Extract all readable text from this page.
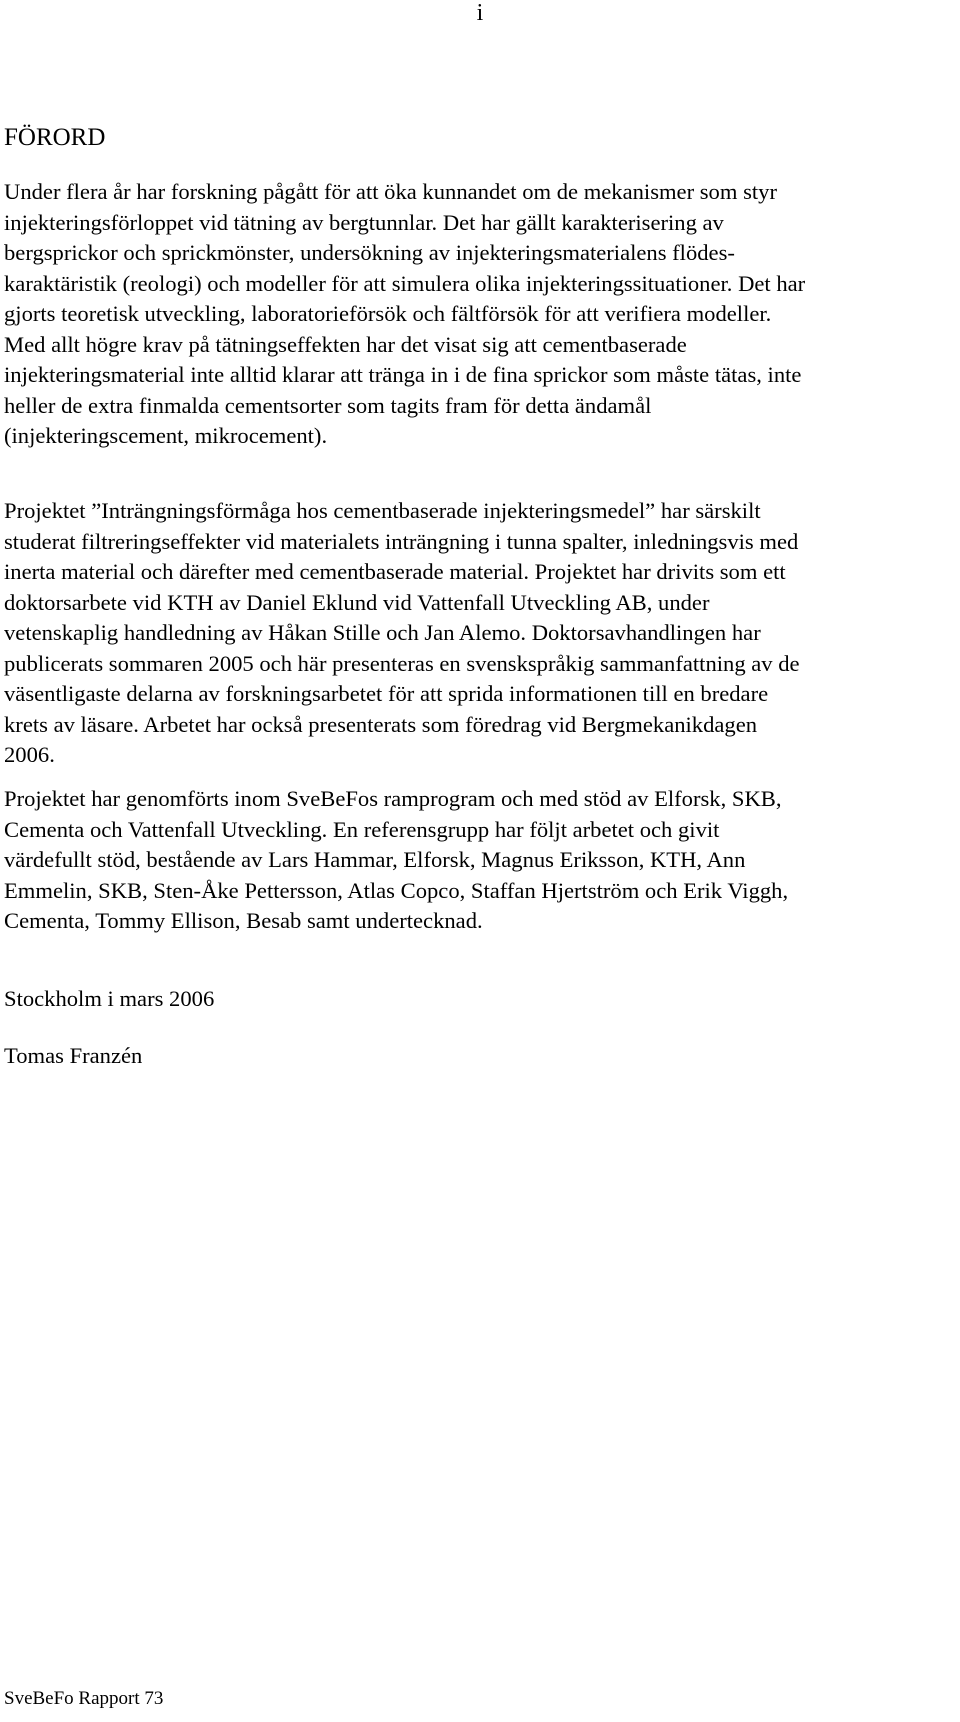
i
FÖRORD

Under flera år har forskning pågått för att öka kunnandet om de mekanismer som styr
injekteringsförloppet vid tätning av bergtunnlar. Det har gällt karakterisering av
bergsprickor och sprickmönster, undersökning av injekteringsmaterialens flödes-
karaktäristik (reologi) och modeller för att simulera olika injekteringssituationer. Det har
gjorts teoretisk utveckling, laboratorieförsök och fältförsök för att verifiera modeller.
Med allt högre krav på tätningseffekten har det visat sig att cementbaserade
injekteringsmaterial inte alltid klarar att tränga in i de fina sprickor som måste tätas, inte
heller de extra finmalda cementsorter som tagits fram för detta ändamål
(injekteringscement, mikrocement).

Projektet ”Inträngningsförmåga hos cementbaserade injekteringsmedel” har särskilt
studerat filtreringseffekter vid materialets inträngning i tunna spalter, inledningsvis med
inerta material och därefter med cementbaserade material. Projektet har drivits som ett
doktorsarbete vid KTH av Daniel Eklund vid Vattenfall Utveckling AB, under
vetenskaplig handledning av Håkan Stille och Jan Alemo. Doktorsavhandlingen har
publicerats sommaren 2005 och här presenteras en svenskspråkig sammanfattning av de
väsentligaste delarna av forskningsarbetet för att sprida informationen till en bredare
krets av läsare. Arbetet har också presenterats som föredrag vid Bergmekanikdagen
2006.

Projektet har genomförts inom SveBeFos ramprogram och med stöd av Elforsk, SKB,
Cementa och Vattenfall Utveckling. En referensgrupp har följt arbetet och givit
värdefullt stöd, bestående av Lars Hammar, Elforsk, Magnus Eriksson, KTH, Ann
Emmelin, SKB, Sten-Åke Pettersson, Atlas Copco, Staffan Hjertström och Erik Viggh,
Cementa, Tommy Ellison, Besab samt undertecknad.

Stockholm i mars 2006

Tomas Franzén

SveBeFo Rapport 73
